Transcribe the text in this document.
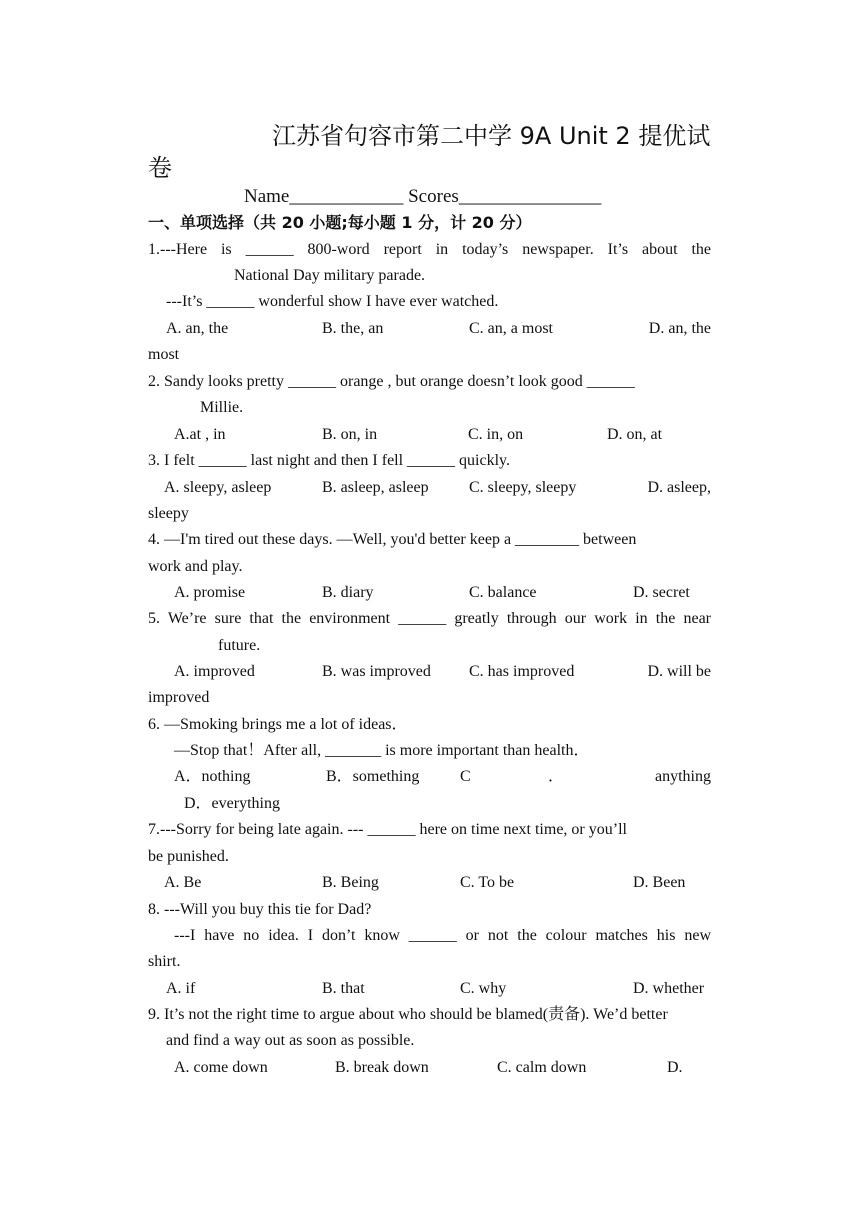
江苏省句容市第二中学 9A Unit 2 提优试
卷
Name____________ Scores_______________
一、单项选择（共 20 小题;每小题 1 分，计 20 分）
1.---Here is ______ 800-word report in today’s newspaper. It’s about the
National Day military parade.
---It’s ______ wonderful show I have ever watched.
A. an, the	B. the, an	C. an, a most	D. an, the
most
2. Sandy looks pretty ______ orange , but orange doesn’t look good ______
Millie.
A.at , in	B. on, in	C. in, on	D. on, at
3. I felt ______ last night and then I fell ______ quickly.
A. sleepy, asleep	B. asleep, asleep	C. sleepy, sleepy	D. asleep,
sleepy
4. —I'm tired out these days. —Well, you'd better keep a ________ between
work and play.
A. promise	B. diary	C. balance	D. secret
5. We’re sure that the environment ______ greatly through our work in the near
future.
A. improved	B. was improved C. has improved	D. will be
improved
6. —Smoking brings me a lot of ideas．
—Stop that！After all, _______ is more important than health．
A．nothing	B．something	C	．	anything
D．everything
7.---Sorry for being late again. --- ______ here on time next time, or you’ll
be punished.
A. Be	B. Being	C. To be	D. Been
8. ---Will you buy this tie for Dad?
---I have no idea. I don’t know ______ or not the colour matches his new
shirt.
A. if	B. that	C. why	D. whether
9. It’s not the right time to argue about who should be blamed(责备). We’d better
and find a way out as soon as possible.
A. come down	B. break down	C. calm down	D.
